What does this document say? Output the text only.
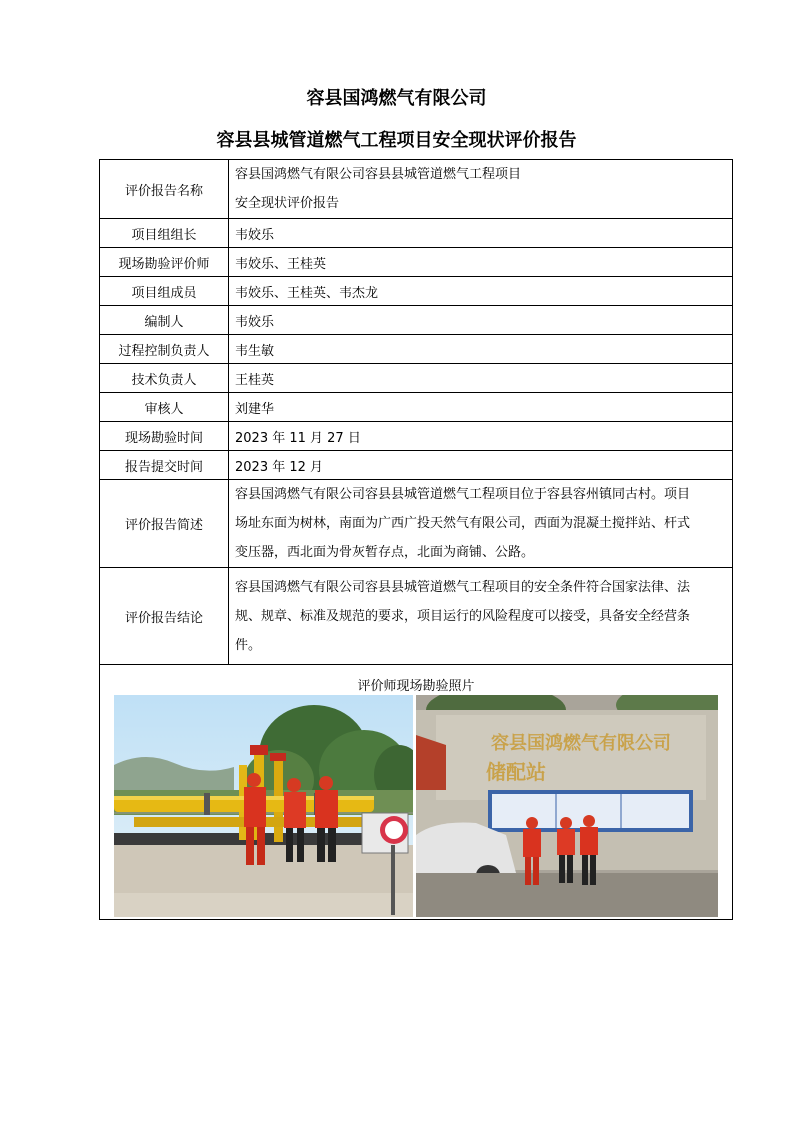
容县国鸿燃气有限公司
容县县城管道燃气工程项目安全现状评价报告
评价报告名称	容县国鸿燃气有限公司容县县城管道燃气工程项目
安全现状评价报告

项目组组长	韦姣乐
现场勘验评价师	韦姣乐、王桂英
项目组成员	韦姣乐、王桂英、韦杰龙
编制人	韦姣乐
过程控制负责人	韦生敏
技术负责人	王桂英
审核人	刘建华
现场勘验时间	2023 年 11 月 27 日
报告提交时间	2023 年 12 月
评价报告简述	容县国鸿燃气有限公司容县县城管道燃气工程项目位于容县容州镇同古村。项目
场址东面为树林，南面为广西广投天然气有限公司，西面为混凝土搅拌站、杆式
变压器，西北面为骨灰暂存点，北面为商铺、公路。

评价报告结论	容县国鸿燃气有限公司容县县城管道燃气工程项目的安全条件符合国家法律、法
规、规章、标准及规范的要求，项目运行的风险程度可以接受，具备安全经营条
件。

评价师现场勘验照片
容县国鸿燃气有限公司
储配站	
